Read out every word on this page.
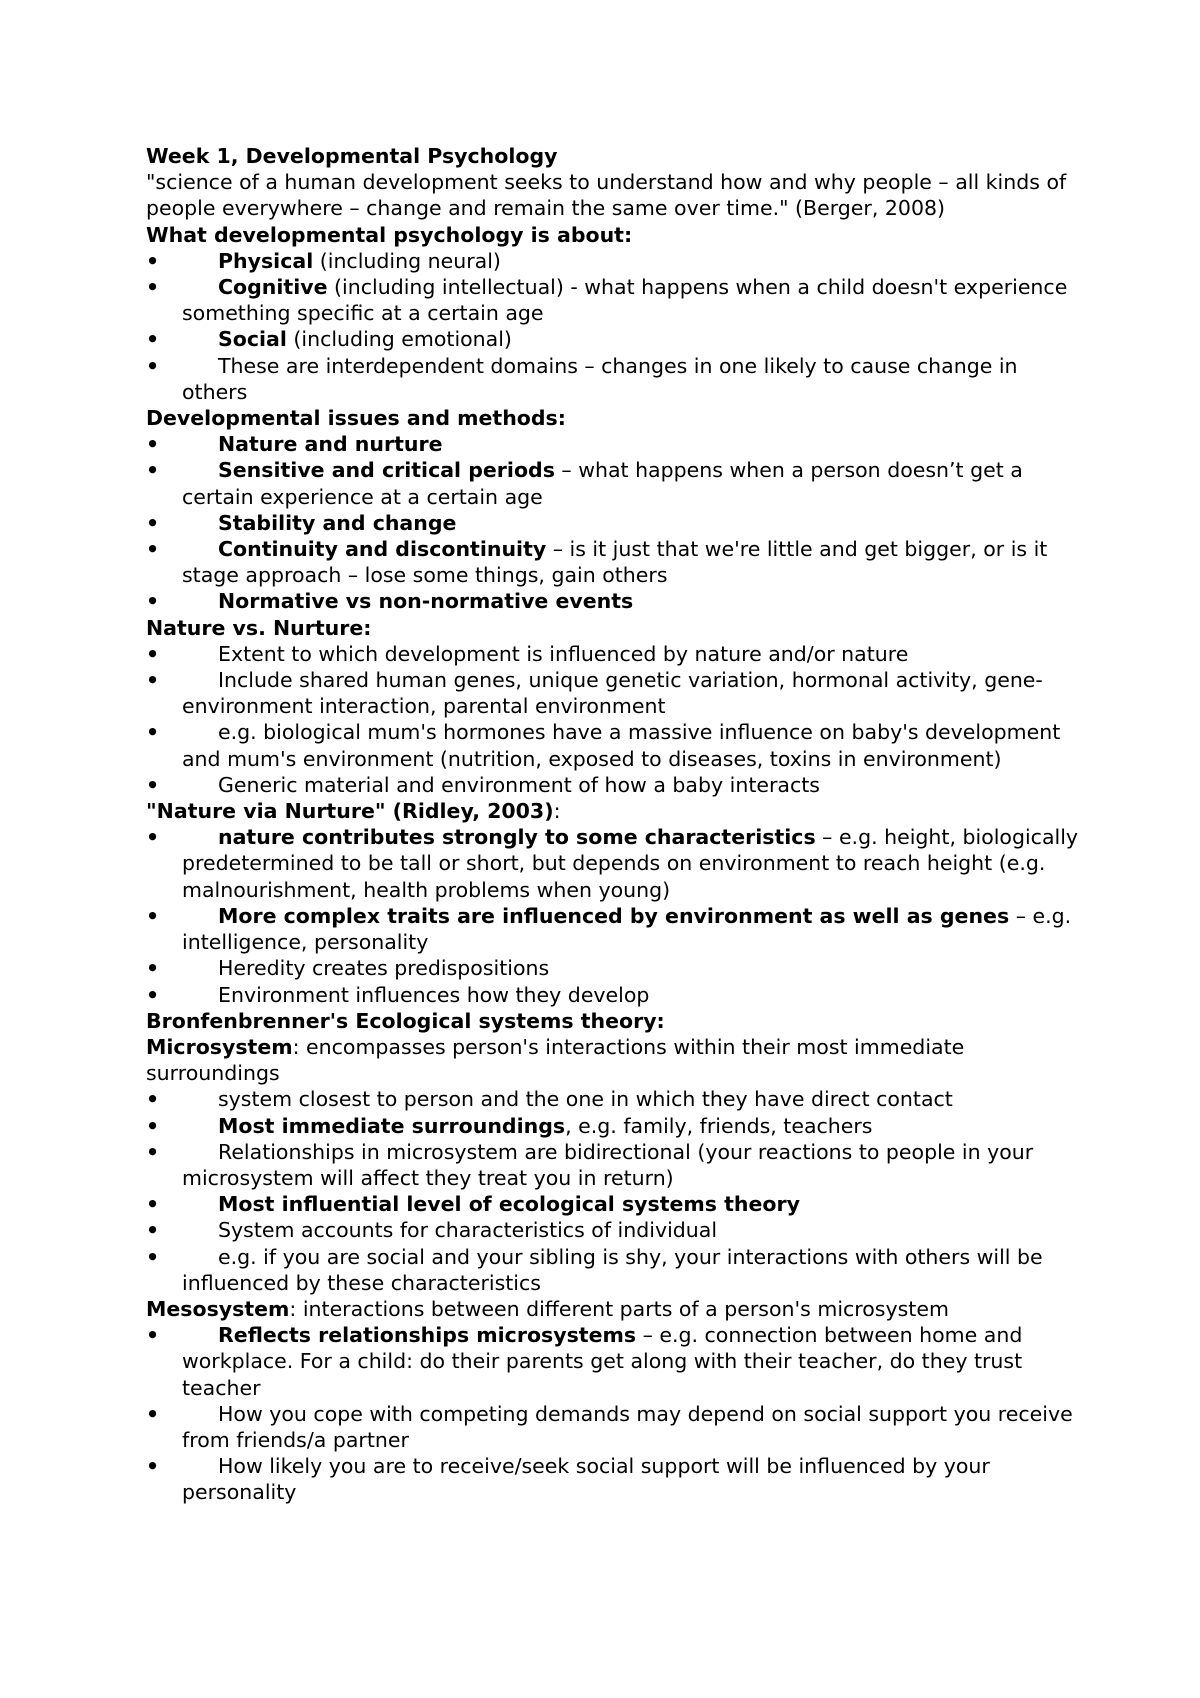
Week 1, Developmental Psychology

"science of a human development seeks to understand how and why people – all kinds of people everywhere – change and remain the same over time." (Berger, 2008)

What developmental psychology is about:

•	Physical (including neural)
•	Cognitive (including intellectual) - what happens when a child doesn't experience something specific at a certain age
•	Social (including emotional)
•	These are interdependent domains – changes in one likely to cause change in others

Developmental issues and methods:

•	Nature and nurture
•	Sensitive and critical periods – what happens when a person doesn’t get a certain experience at a certain age
•	Stability and change
•	Continuity and discontinuity – is it just that we're little and get bigger, or is it stage approach – lose some things, gain others
•	Normative vs non-normative events

Nature vs. Nurture:

•	Extent to which development is influenced by nature and/or nature
•	Include shared human genes, unique genetic variation, hormonal activity, gene-environment interaction, parental environment
•	e.g. biological mum's hormones have a massive influence on baby's development and mum's environment (nutrition, exposed to diseases, toxins in environment)
•	Generic material and environment of how a baby interacts

"Nature via Nurture" (Ridley, 2003):

•	nature contributes strongly to some characteristics – e.g. height, biologically predetermined to be tall or short, but depends on environment to reach height (e.g. malnourishment, health problems when young)
•	More complex traits are influenced by environment as well as genes – e.g. intelligence, personality
•	Heredity creates predispositions
•	Environment influences how they develop

Bronfenbrenner's Ecological systems theory:

Microsystem: encompasses person's interactions within their most immediate surroundings

•	system closest to person and the one in which they have direct contact
•	Most immediate surroundings, e.g. family, friends, teachers
•	Relationships in microsystem are bidirectional (your reactions to people in your microsystem will affect they treat you in return)
•	Most influential level of ecological systems theory
•	System accounts for characteristics of individual
•	e.g. if you are social and your sibling is shy, your interactions with others will be influenced by these characteristics

Mesosystem: interactions between different parts of a person's microsystem

•	Reflects relationships microsystems – e.g. connection between home and workplace. For a child: do their parents get along with their teacher, do they trust teacher
•	How you cope with competing demands may depend on social support you receive from friends/a partner
•	How likely you are to receive/seek social support will be influenced by your personality
